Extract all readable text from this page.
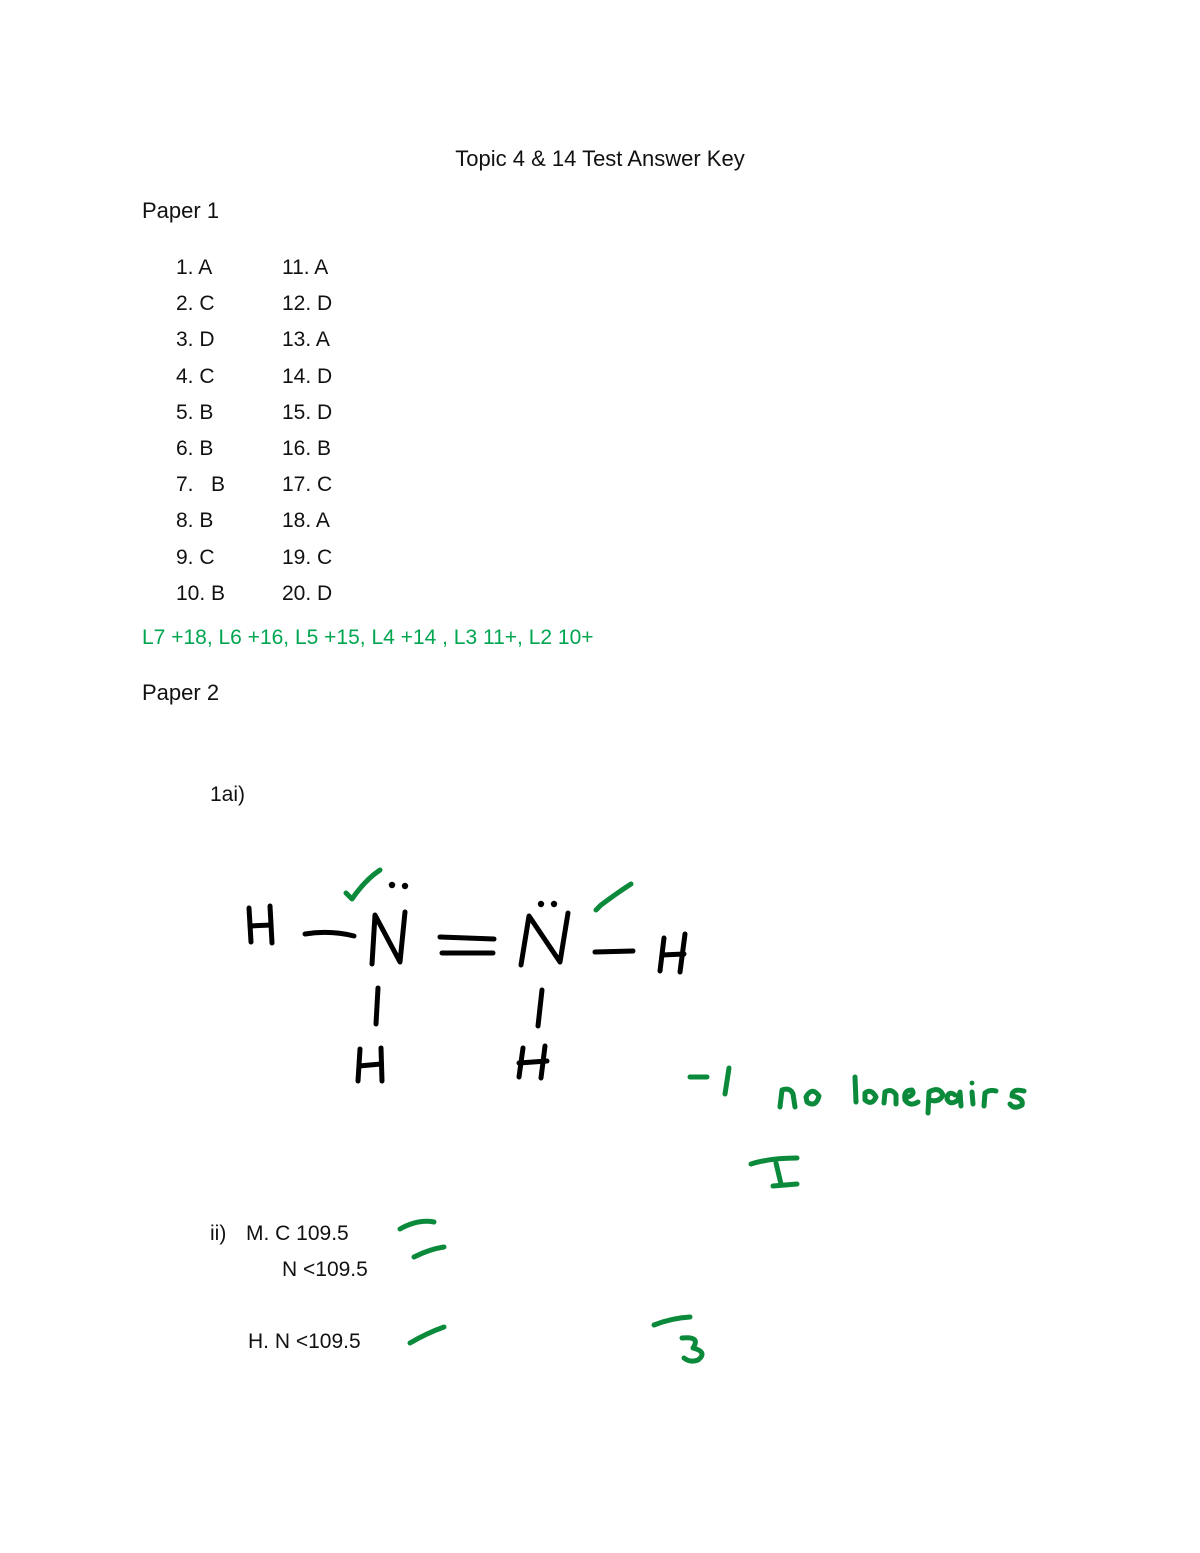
Topic 4 & 14 Test Answer Key
Paper 1
1. A	11. A
2. C	12. D
3. D	13. A
4. C	14. D
5. B	15. D
6. B	16. B
7.   B	17. C
8. B	18. A
9. C	19. C
10. B	20. D
L7 +18, L6 +16, L5 +15, L4 +14 , L3 11+, L2 10+
Paper 2
1ai)
ii) M. C 109.5
N <109.5
H. N <109.5
